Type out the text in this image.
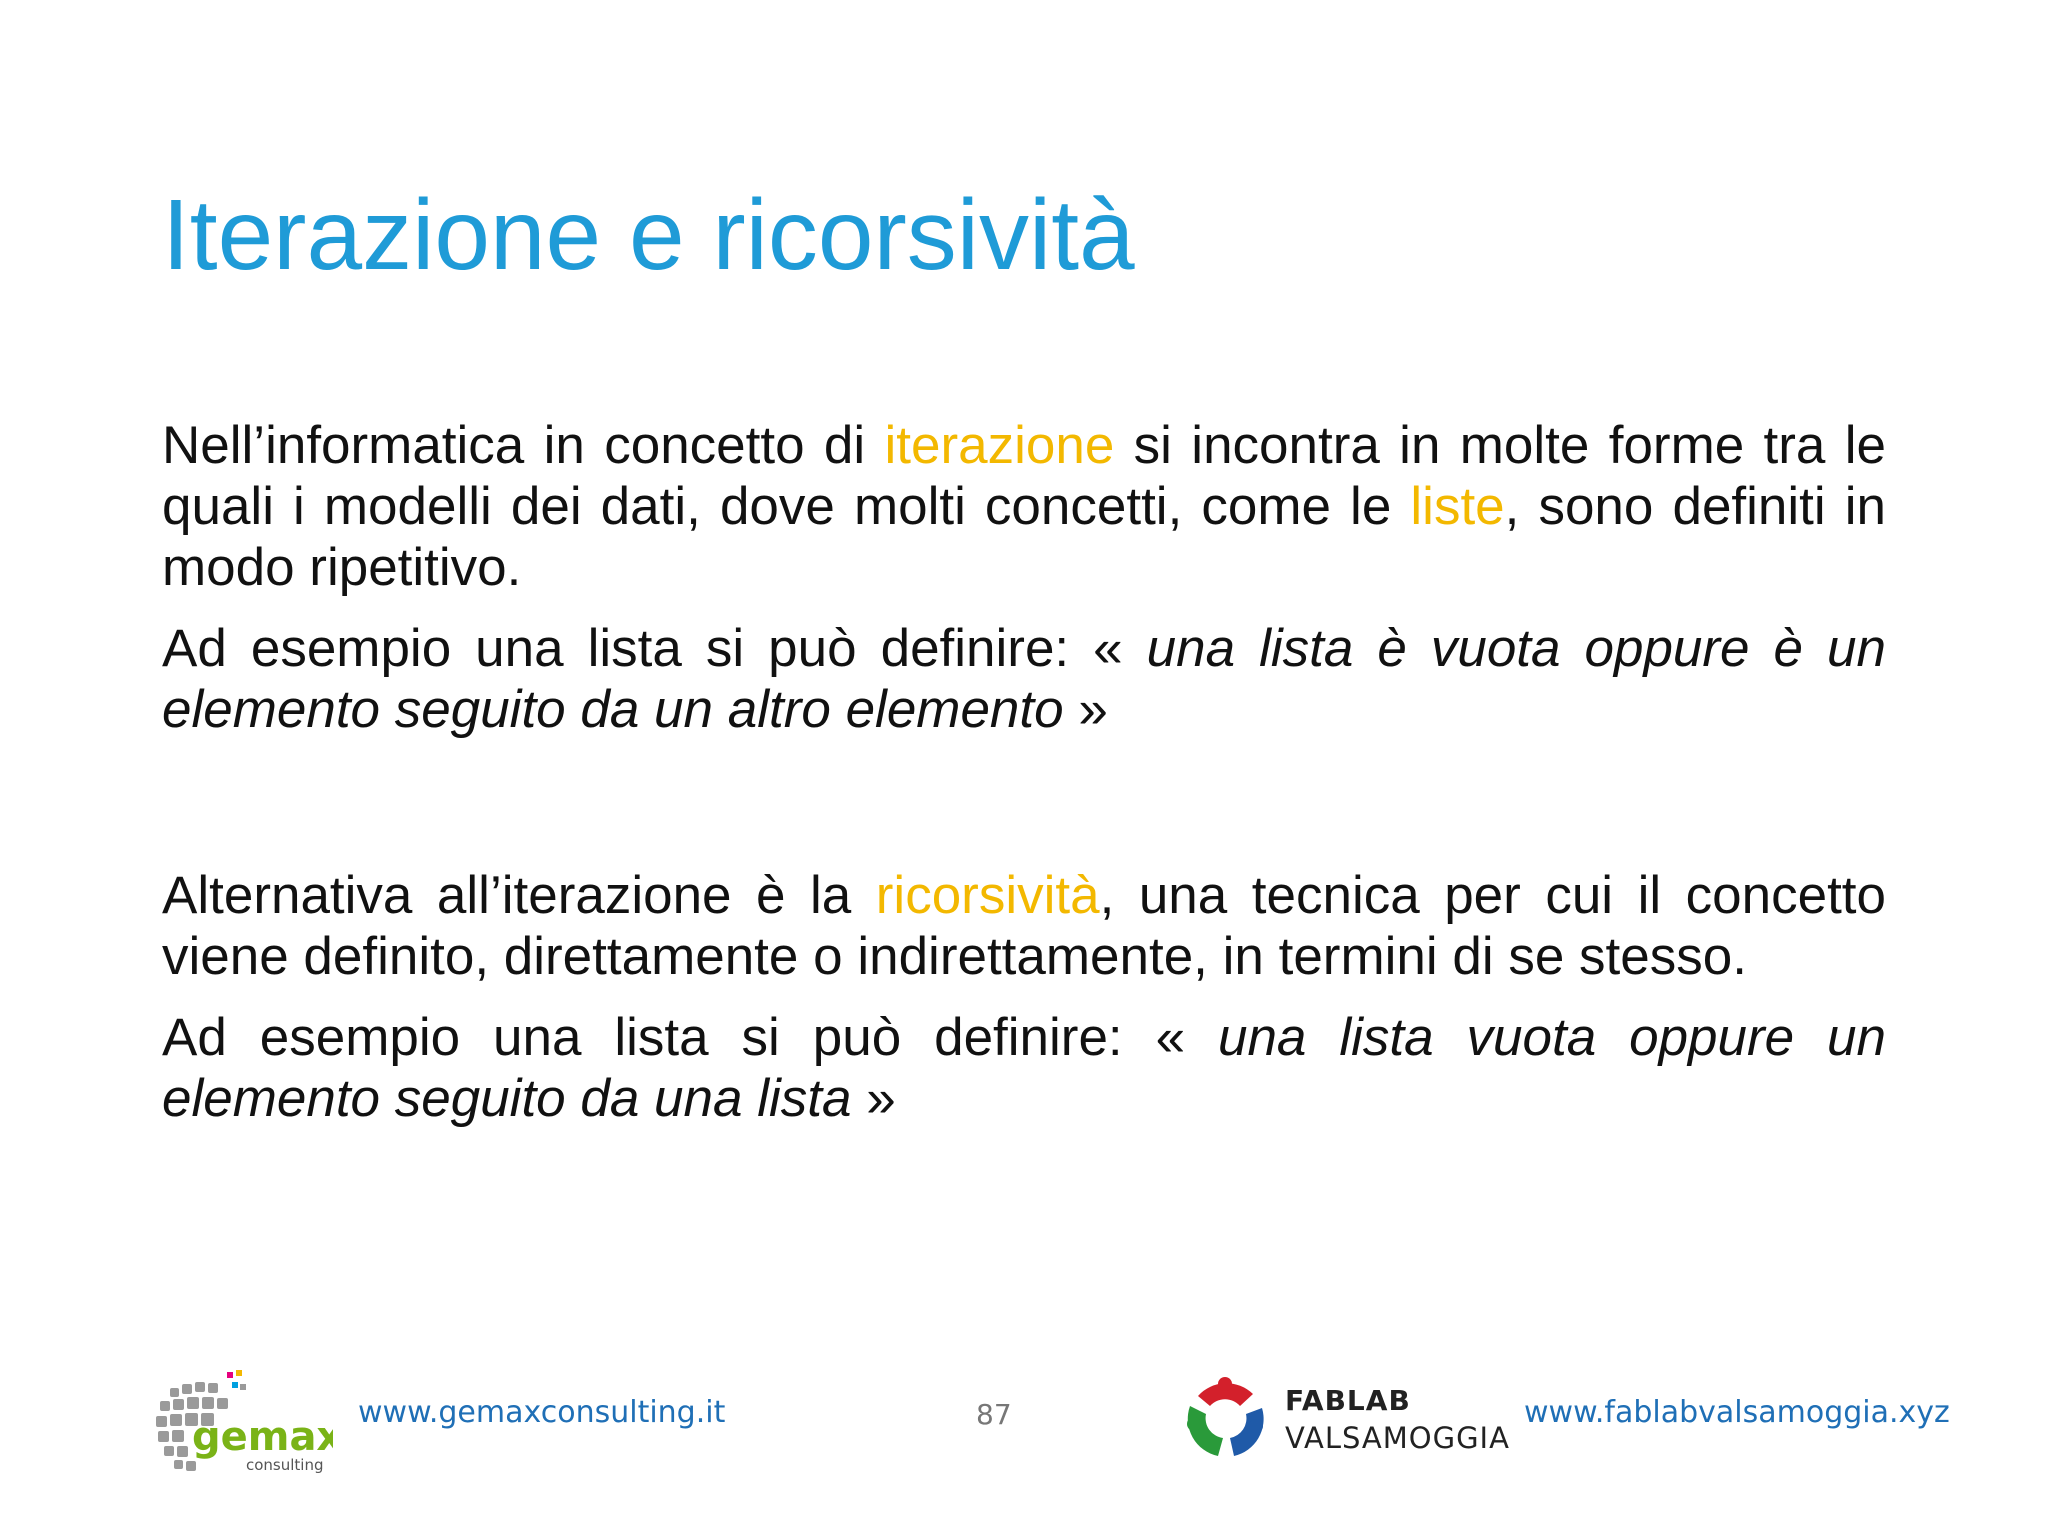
Iterazione e ricorsività

Nell’informatica in concetto di iterazione si incontra in molte forme tra le quali i modelli dei dati, dove molti concetti, come le liste, sono definiti in modo ripetitivo.

Ad esempio una lista si può definire: « una lista è vuota oppure è un elemento seguito da un altro elemento »

Alternativa all’iterazione è la ricorsività, una tecnica per cui il concetto viene definito, direttamente o indirettamente, in termini di se stesso.

Ad esempio una lista si può definire: « una lista vuota oppure un elemento seguito da una lista »

gemax
consulting
www.gemaxconsulting.it	87	FABLAB
VALSAMOGGIA
www.fablabvalsamoggia.xyz
